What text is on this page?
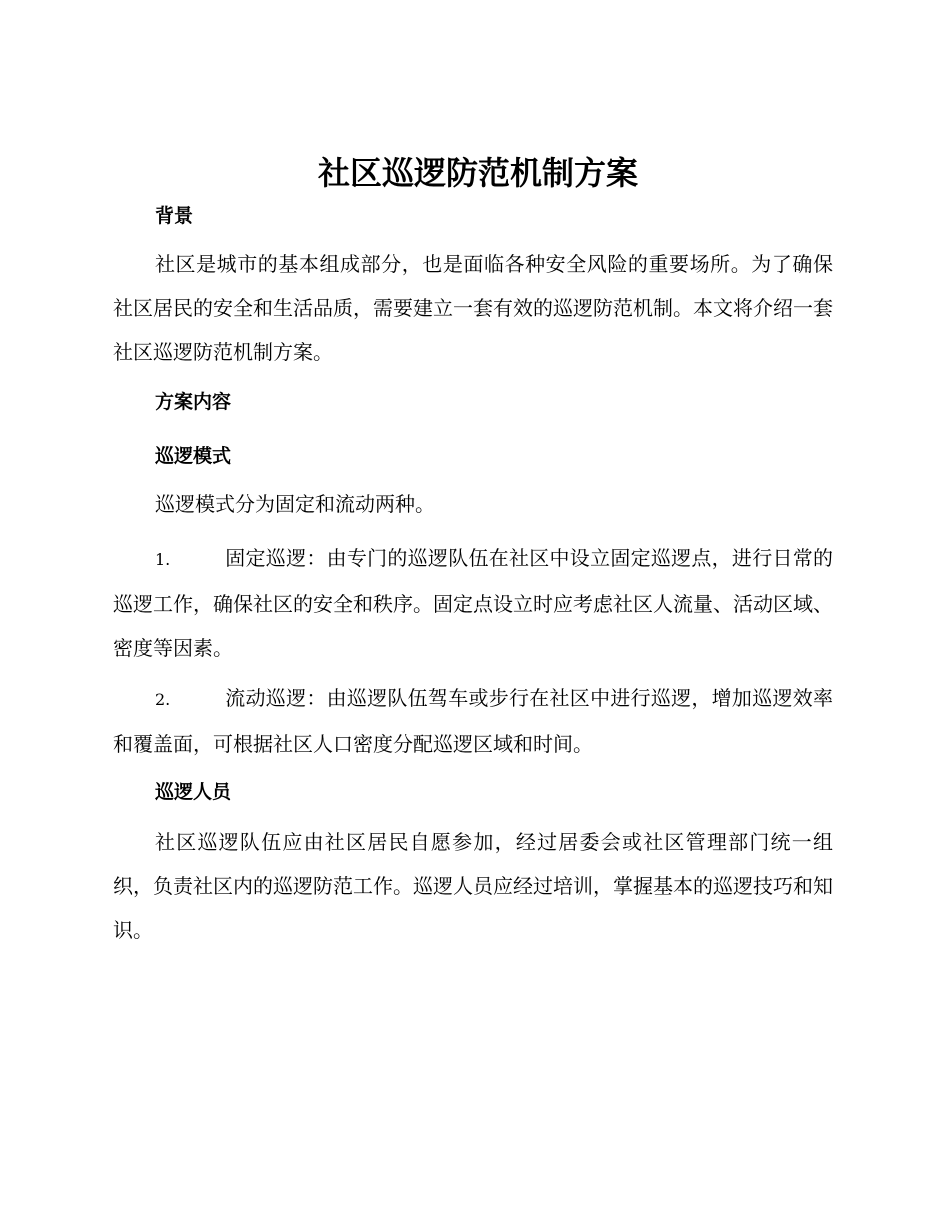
社区巡逻防范机制方案
背景

社区是城市的基本组成部分，也是面临各种安全风险的重要场所。为了确保社区居民的安全和生活品质，需要建立一套有效的巡逻防范机制。本文将介绍一套社区巡逻防范机制方案。

方案内容
巡逻模式

巡逻模式分为固定和流动两种。

1.	固定巡逻：由专门的巡逻队伍在社区中设立固定巡逻点，进行日常的巡逻工作，确保社区的安全和秩序。固定点设立时应考虑社区人流量、活动区域、密度等因素。

2.	流动巡逻：由巡逻队伍驾车或步行在社区中进行巡逻，增加巡逻效率和覆盖面，可根据社区人口密度分配巡逻区域和时间。

巡逻人员

社区巡逻队伍应由社区居民自愿参加，经过居委会或社区管理部门统一组织，负责社区内的巡逻防范工作。巡逻人员应经过培训，掌握基本的巡逻技巧和知识。
